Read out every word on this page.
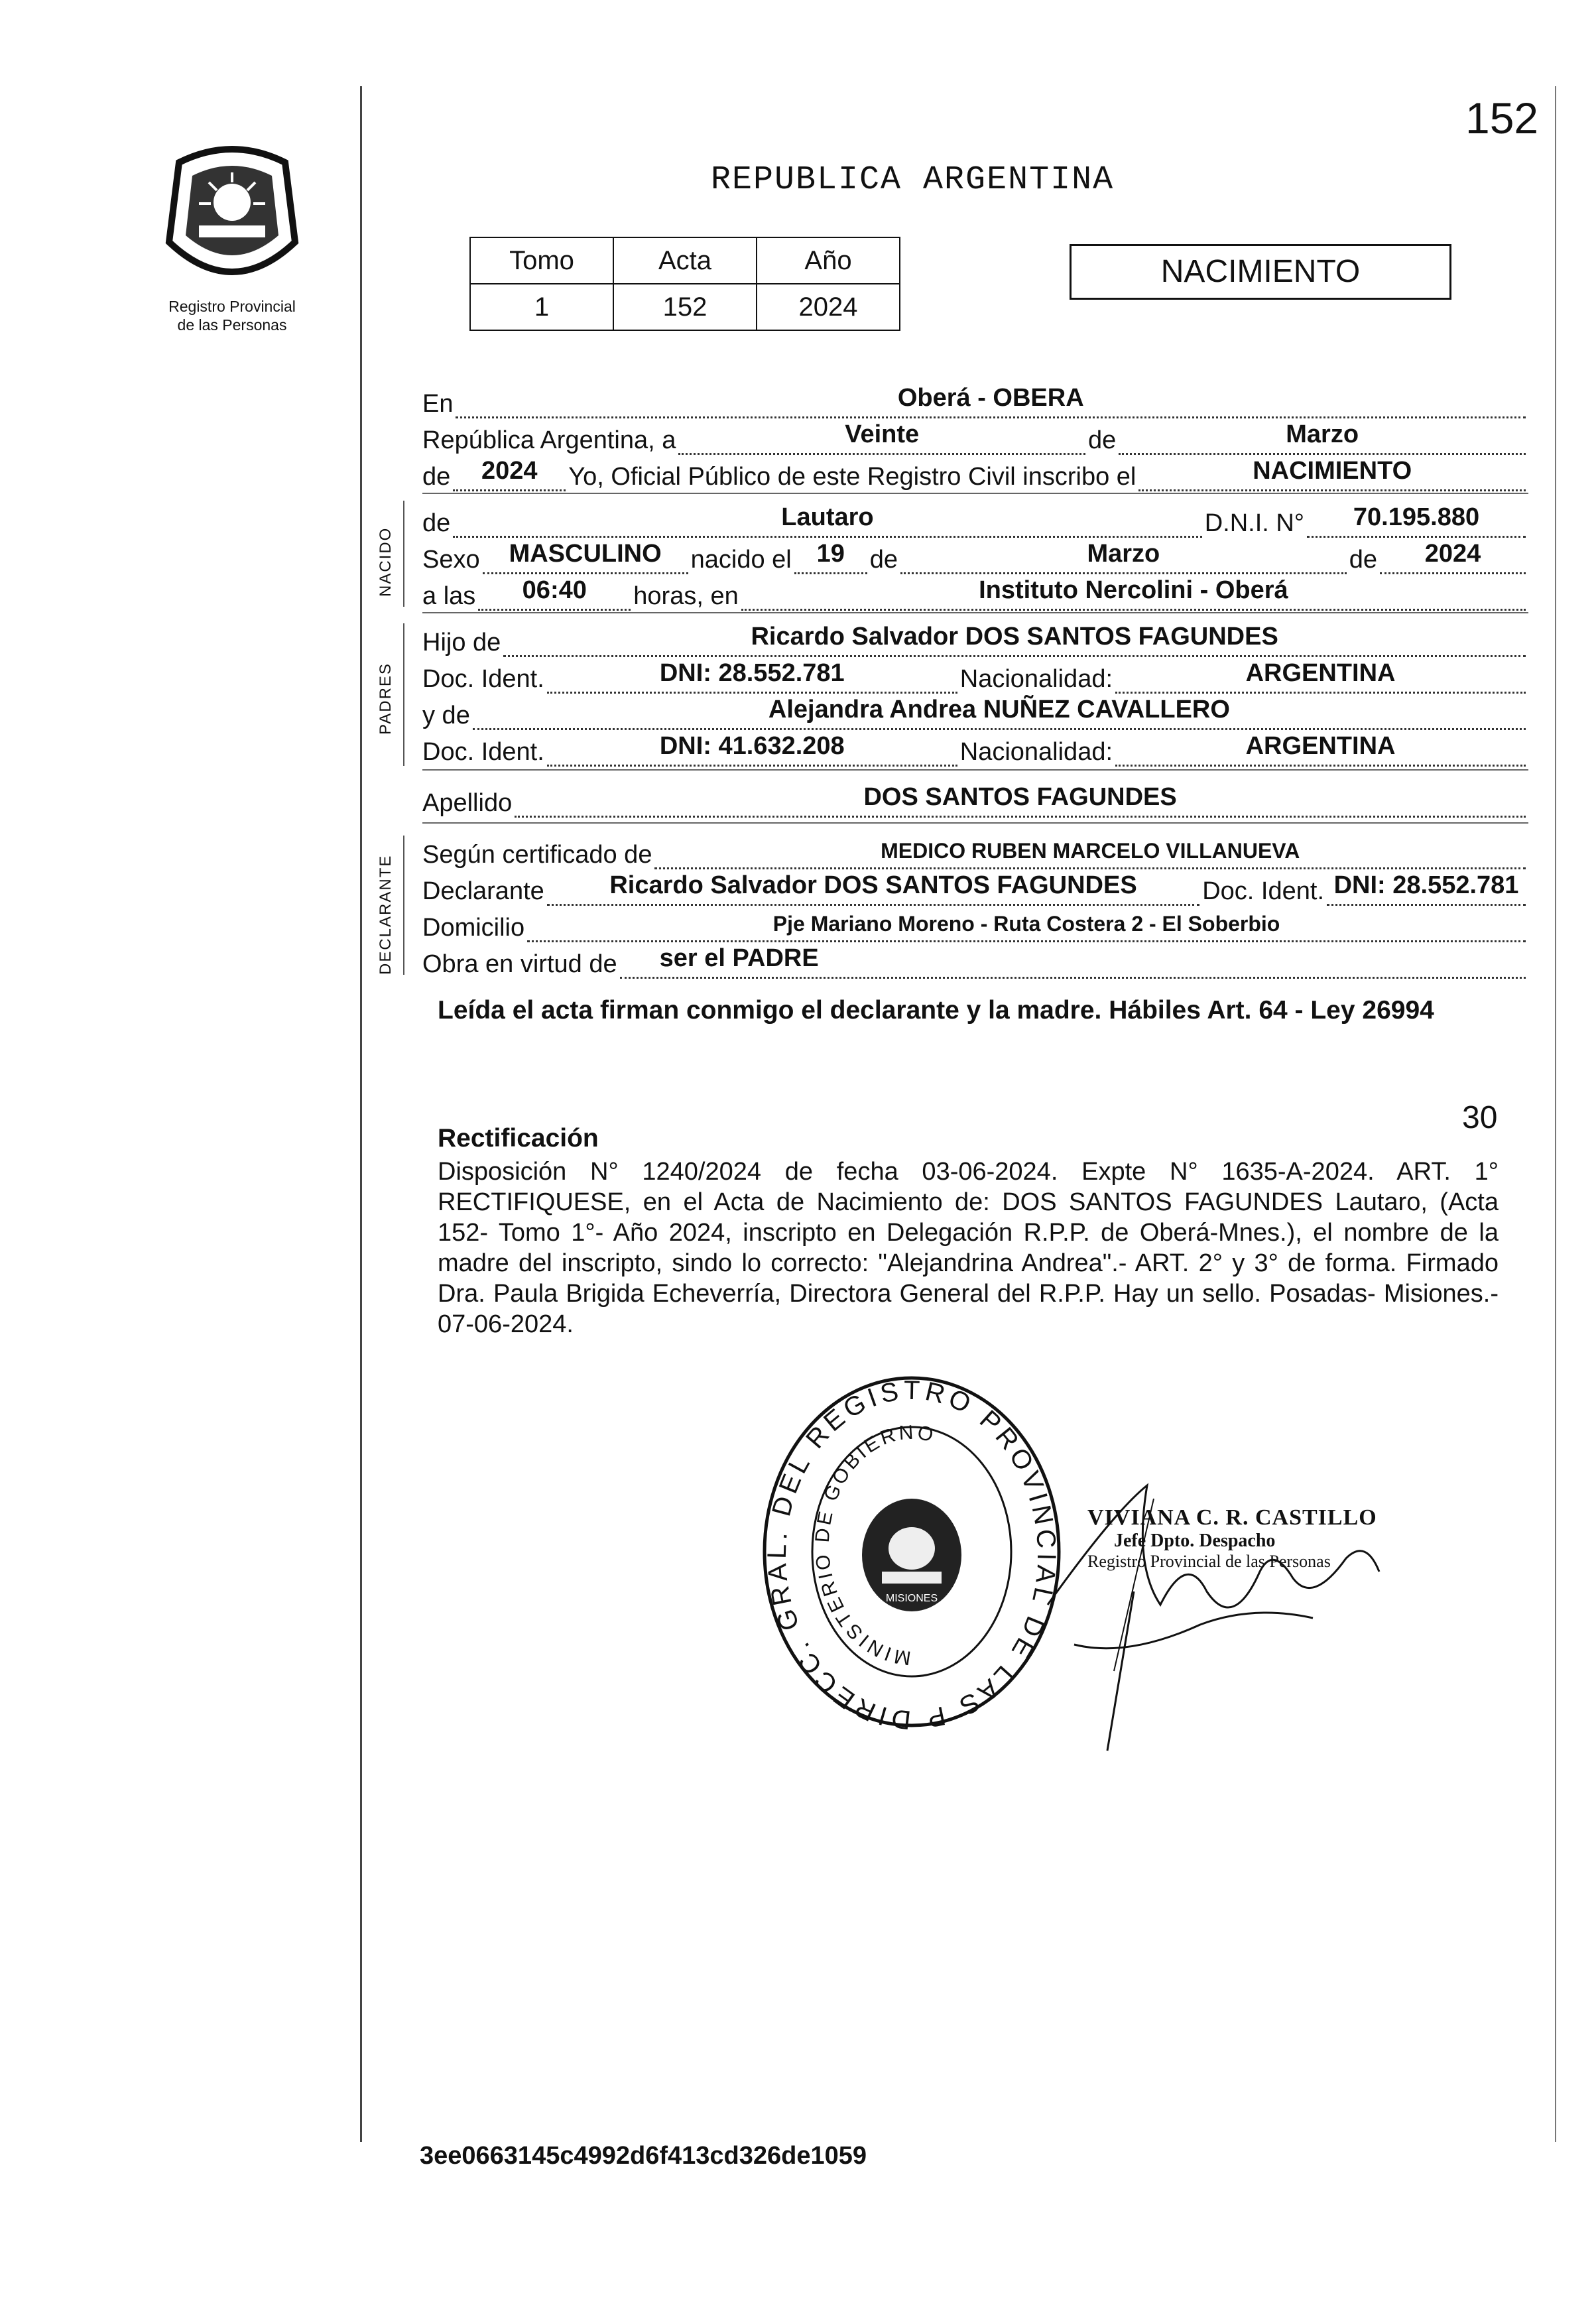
Registro Provincial
de las Personas
152
REPUBLICA ARGENTINA
Tomo	Acta	Año
1	152	2024
NACIMIENTO
En	Oberá - OBERA
República Argentina, a	Veinte	de	Marzo
de	2024	Yo, Oficial Público de este Registro Civil inscribo el	NACIMIENTO
de	Lautaro	D.N.I. N°	70.195.880
Sexo	MASCULINO	nacido el 19 de	Marzo	de	2024
a las	06:40	horas, en	Instituto Nercolini - Oberá
Hijo de	Ricardo Salvador DOS SANTOS FAGUNDES
Doc. Ident.	DNI: 28.552.781	Nacionalidad:	ARGENTINA
y de	Alejandra Andrea NUÑEZ CAVALLERO
Doc. Ident.	DNI: 41.632.208	Nacionalidad:	ARGENTINA
Apellido	DOS SANTOS FAGUNDES
Según certificado de	MEDICO RUBEN MARCELO VILLANUEVA
Declarante	Ricardo Salvador DOS SANTOS FAGUNDES	Doc. Ident. DNI: 28.552.781
Domicilio	Pje Mariano Moreno - Ruta Costera 2 - El Soberbio
Obra en virtud de	ser el PADRE
NACIDO
PADRES
DECLARANTE
Leída el acta firman conmigo el declarante y la madre. Hábiles Art. 64 - Ley 26994
30
Rectificación
Disposición N° 1240/2024 de fecha 03-06-2024. Expte N° 1635-A-2024. ART. 1° RECTIFIQUESE, en el Acta de Nacimiento de: DOS SANTOS FAGUNDES Lautaro, (Acta 152- Tomo 1°- Año 2024, inscripto en Delegación R.P.P. de Oberá-Mnes.), el nombre de la madre del inscripto, sindo lo correcto: "Alejandrina Andrea".- ART. 2° y 3° de forma. Firmado Dra. Paula Brigida Echeverría, Directora General del R.P.P. Hay un sello. Posadas- Misiones.- 07-06-2024.
DIRECC. GRAL. DEL REGISTRO PROVINCIAL DE LAS P
MINISTERIO DE GOBIERNO
MISIONES
VIVIANA C. R. CASTILLO
Jefe Dpto. Despacho
Registro Provincial de las Personas
3ee0663145c4992d6f413cd326de1059
